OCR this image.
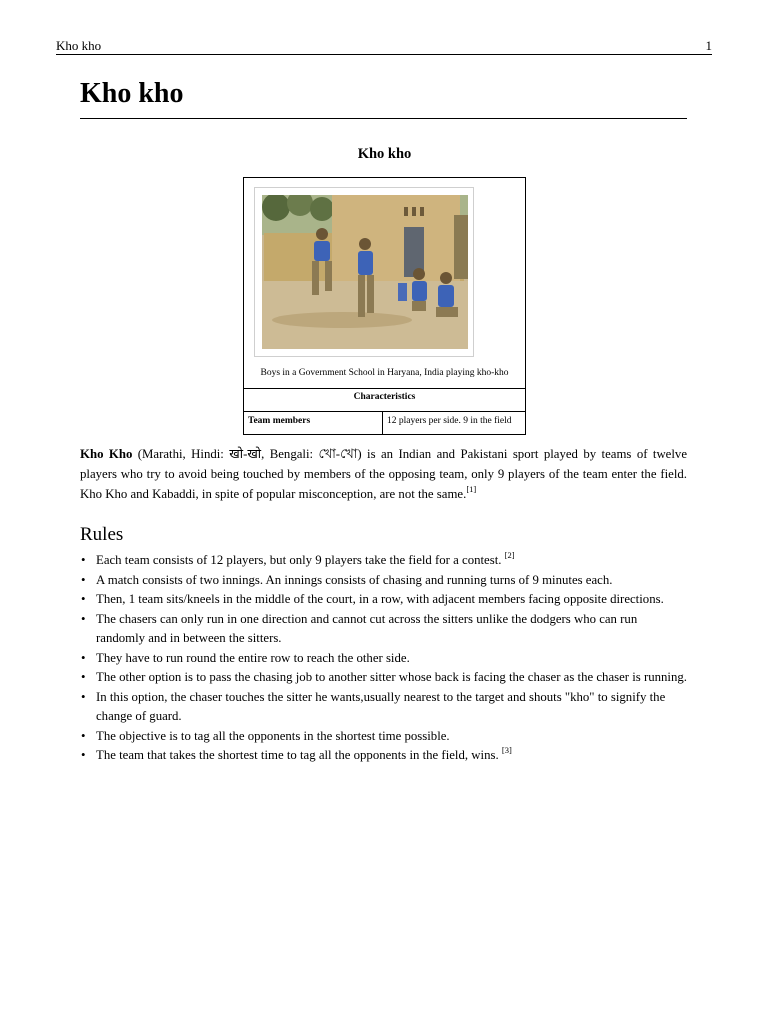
Kho kho	1
Kho kho
Kho kho
Boys in a Government School in Haryana, India playing kho-kho
Characteristics
Team members	12 players per side. 9 in the field

Kho Kho (Marathi, Hindi: खो-खो, Bengali: খো-খো) is an Indian and Pakistani sport played by teams of twelve players who try to avoid being touched by members of the opposing team, only 9 players of the team enter the field. Kho Kho and Kabaddi, in spite of popular misconception, are not the same.[1]

Rules
• Each team consists of 12 players, but only 9 players take the field for a contest. [2]
• A match consists of two innings. An innings consists of chasing and running turns of 9 minutes each.
• Then, 1 team sits/kneels in the middle of the court, in a row, with adjacent members facing opposite directions.
• The chasers can only run in one direction and cannot cut across the sitters unlike the dodgers who can run randomly and in between the sitters.
• They have to run round the entire row to reach the other side.
• The other option is to pass the chasing job to another sitter whose back is facing the chaser as the chaser is running.
• In this option, the chaser touches the sitter he wants,usually nearest to the target and shouts "kho" to signify the change of guard.
• The objective is to tag all the opponents in the shortest time possible.
• The team that takes the shortest time to tag all the opponents in the field, wins. [3]
